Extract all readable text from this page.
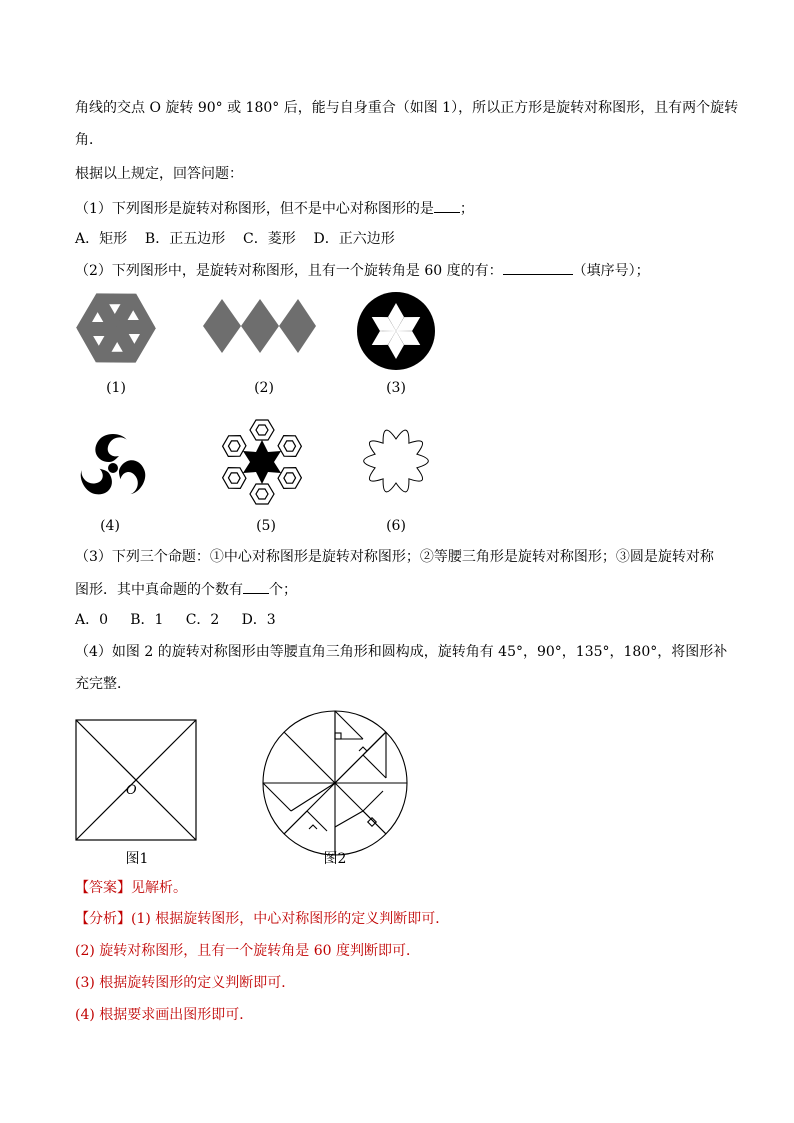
角线的交点 O 旋转 90° 或 180° 后，能与自身重合（如图 1），所以正方形是旋转对称图形，且有两个旋转
角．
根据以上规定，回答问题：
（1）下列图形是旋转对称图形，但不是中心对称图形的是 ；
A．矩形    B．正五边形    C．菱形    D．正六边形
（2）下列图形中，是旋转对称图形，且有一个旋转角是 60 度的有：	（填序号）；
(1)	(2)	(3)
(4)	(5)	(6)
（3）下列三个命题：①中心对称图形是旋转对称图形；②等腰三角形是旋转对称图形；③圆是旋转对称
图形．其中真命题的个数有 个；
A．0     B．1     C．2     D．3
（4）如图 2 的旋转对称图形由等腰直角三角形和圆构成，旋转角有 45°，90°，135°，180°，将图形补
充完整．
O
图1	图2
【答案】见解析。
【分析】(1) 根据旋转图形，中心对称图形的定义判断即可．
(2) 旋转对称图形，且有一个旋转角是 60 度判断即可．
(3) 根据旋转图形的定义判断即可．
(4) 根据要求画出图形即可．
